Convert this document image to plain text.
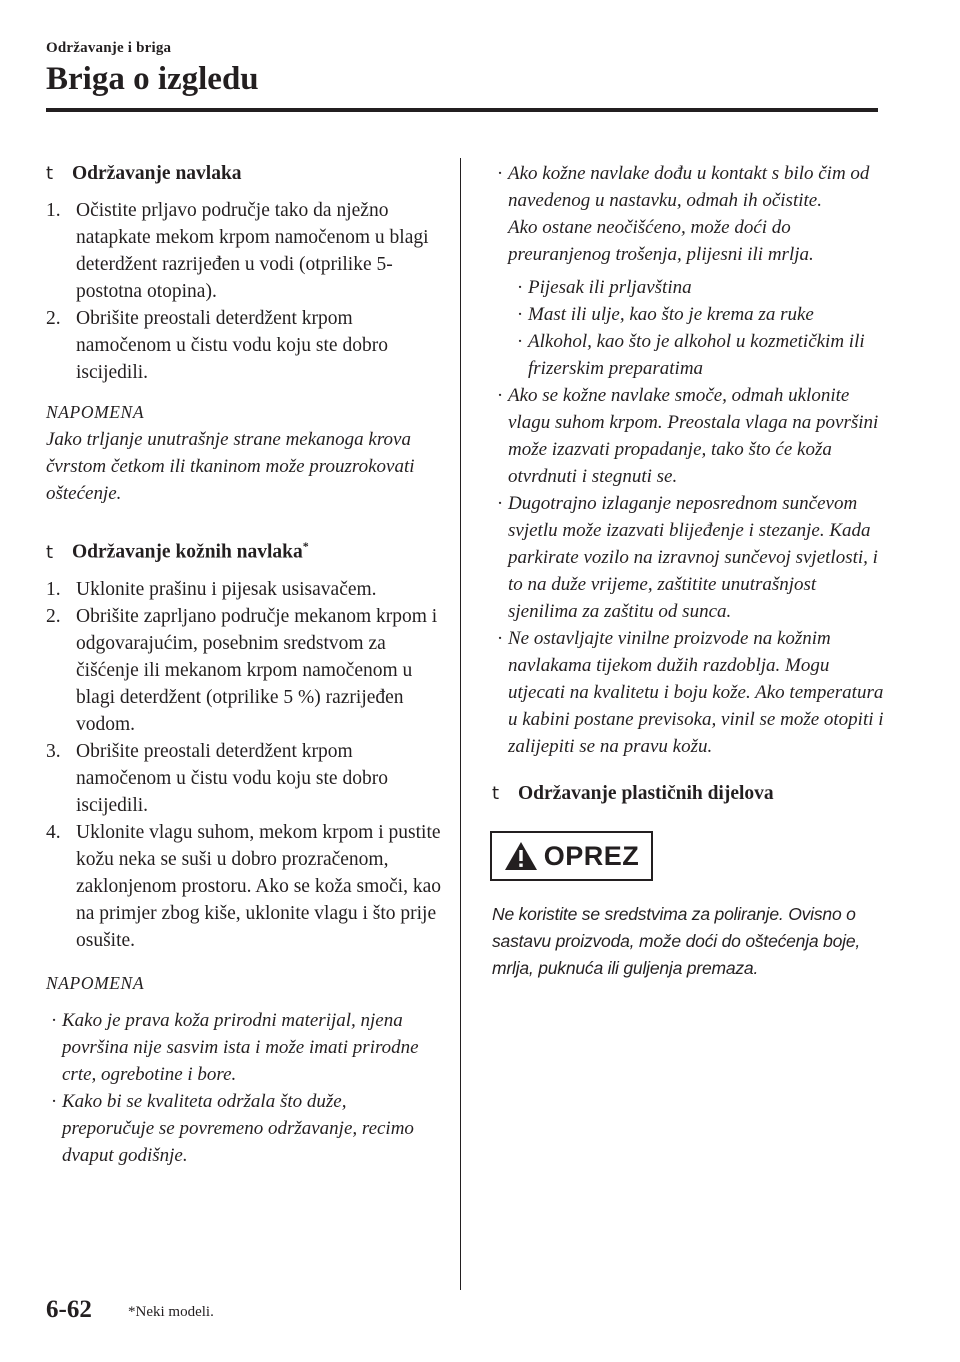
Održavanje i briga
Briga o izgledu
t Održavanje navlaka
1. Očistite prljavo područje tako da nježno natapkate mekom krpom namočenom u blagi deterdžent razrijeđen u vodi (otprilike 5-postotna otopina).
2. Obrišite preostali deterdžent krpom namočenom u čistu vodu koju ste dobro iscijedili.
NAPOMENA
Jako trljanje unutrašnje strane mekanoga krova čvrstom četkom ili tkaninom može prouzrokovati oštećenje.
t Održavanje kožnih navlaka*
1. Uklonite prašinu i pijesak usisavačem.
2. Obrišite zaprljano područje mekanom krpom i odgovarajućim, posebnim sredstvom za čišćenje ili mekanom krpom namočenom u blagi deterdžent (otprilike 5 %) razrijeđen vodom.
3. Obrišite preostali deterdžent krpom namočenom u čistu vodu koju ste dobro iscijedili.
4. Uklonite vlagu suhom, mekom krpom i pustite kožu neka se suši u dobro prozračenom, zaklonjenom prostoru. Ako se koža smoči, kao na primjer zbog kiše, uklonite vlagu i što prije osušite.
NAPOMENA
· Kako je prava koža prirodni materijal, njena površina nije sasvim ista i može imati prirodne crte, ogrebotine i bore.
· Kako bi se kvaliteta održala što duže, preporučuje se povremeno održavanje, recimo dvaput godišnje.
· Ako kožne navlake dođu u kontakt s bilo čim od navedenog u nastavku, odmah ih očistite.
Ako ostane neočišćeno, može doći do preuranjenog trošenja, plijesni ili mrlja.
· Pijesak ili prljavština
· Mast ili ulje, kao što je krema za ruke
· Alkohol, kao što je alkohol u kozmetičkim ili frizerskim preparatima
· Ako se kožne navlake smoče, odmah uklonite vlagu suhom krpom. Preostala vlaga na površini može izazvati propadanje, tako što će koža otvrdnuti i stegnuti se.
· Dugotrajno izlaganje neposrednom sunčevom svjetlu može izazvati blijeđenje i stezanje. Kada parkirate vozilo na izravnoj sunčevoj svjetlosti, i to na duže vrijeme, zaštitite unutrašnjost sjenilima za zaštitu od sunca.
· Ne ostavljajte vinilne proizvode na kožnim navlakama tijekom dužih razdoblja. Mogu utjecati na kvalitetu i boju kože. Ako temperatura u kabini postane previsoka, vinil se može otopiti i zalijepiti se na pravu kožu.
t Održavanje plastičnih dijelova
OPREZ
Ne koristite se sredstvima za poliranje. Ovisno o sastavu proizvoda, može doći do oštećenja boje, mrlja, puknuća ili guljenja premaza.
6-62 *Neki modeli.
